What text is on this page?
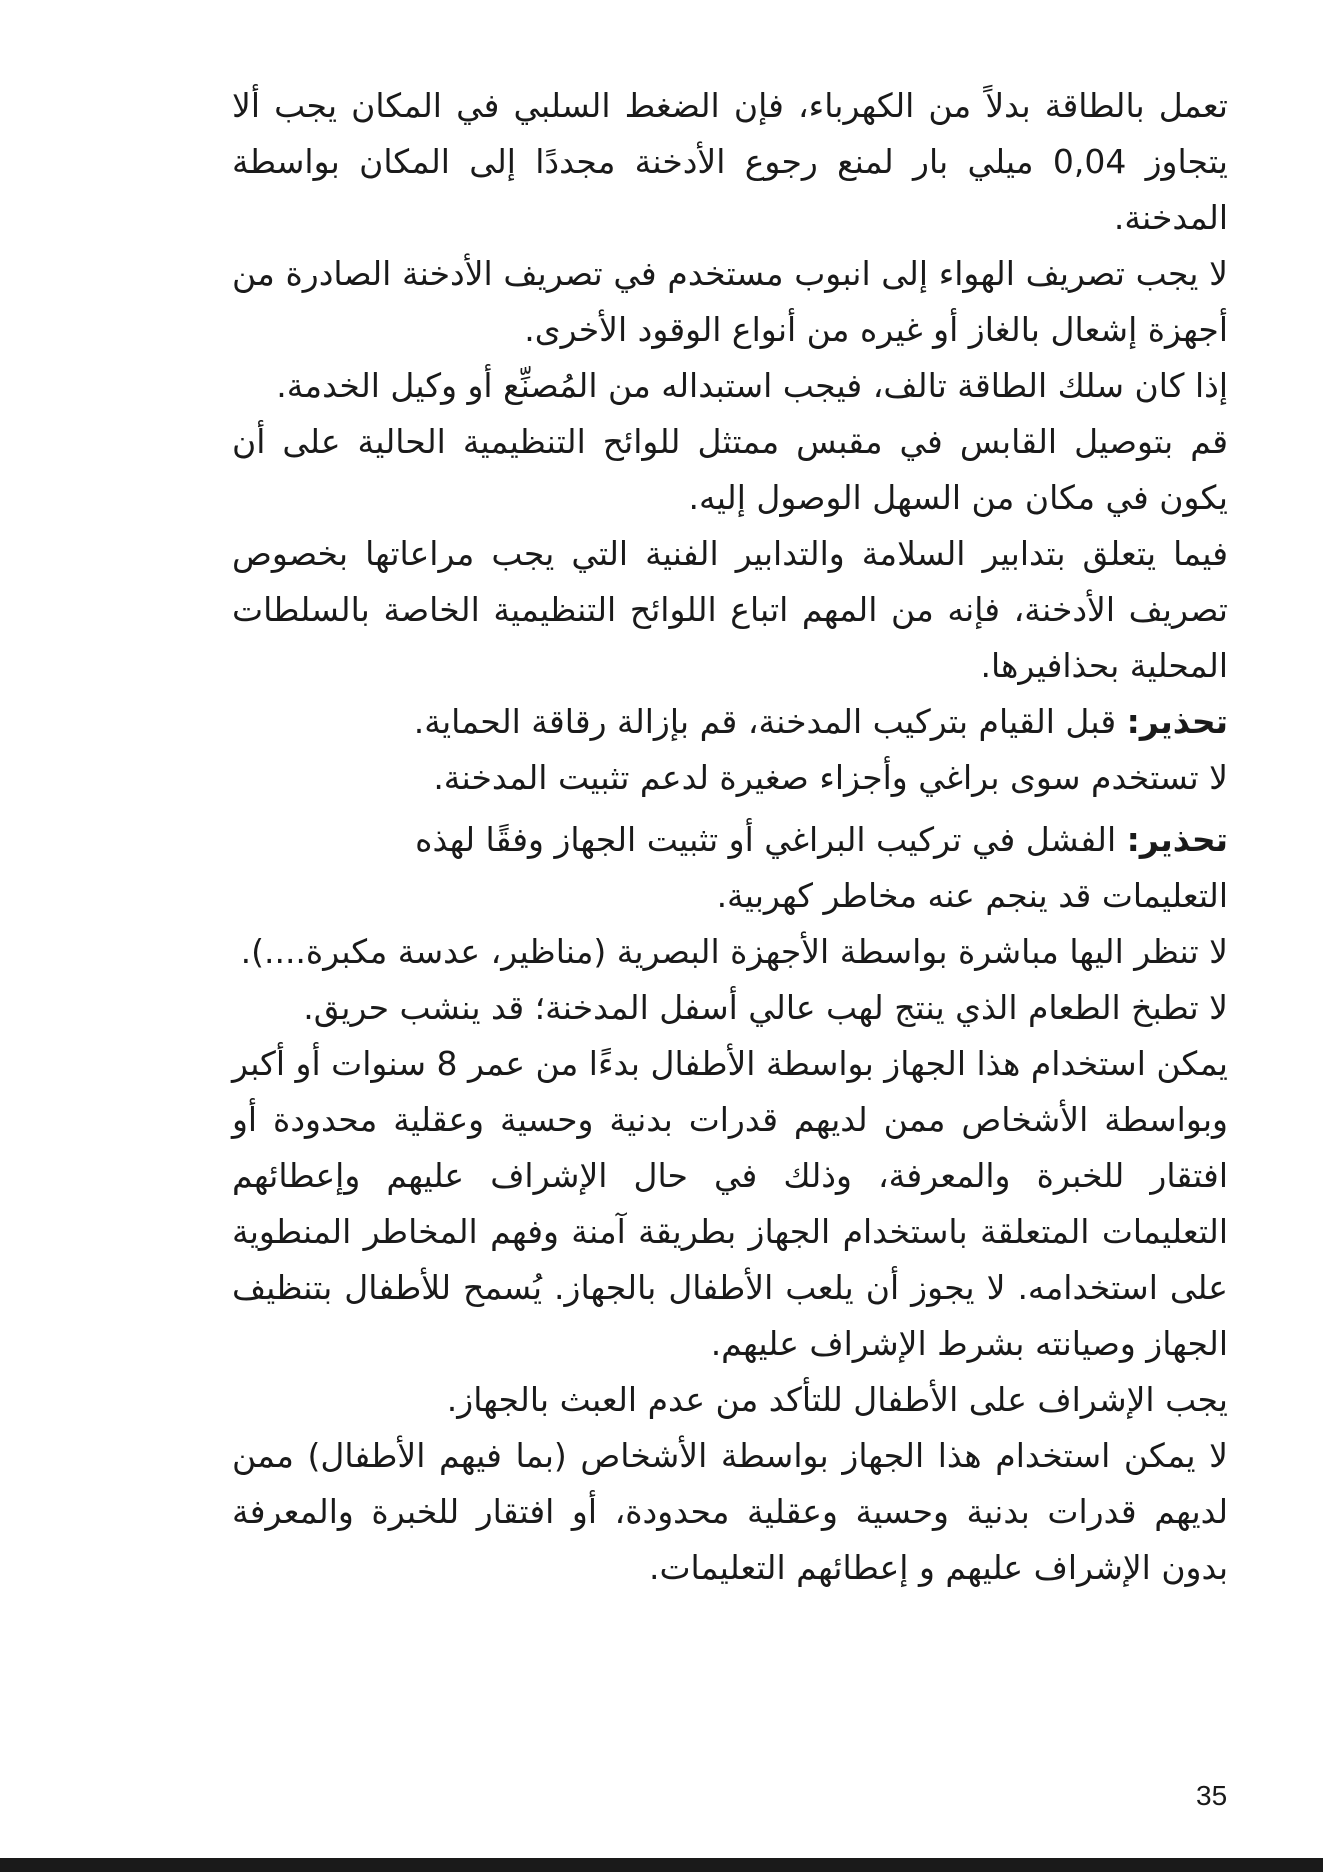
تعمل بالطاقة بدلاً من الكهرباء، فإن الضغط السلبي في المكان يجب ألا يتجاوز 0,04 ميلي بار لمنع رجوع الأدخنة مجددًا إلى المكان بواسطة المدخنة.

لا يجب تصريف الهواء إلى انبوب مستخدم في تصريف الأدخنة الصادرة من أجهزة إشعال بالغاز أو غيره من أنواع الوقود الأخرى.

إذا كان سلك الطاقة تالف، فيجب استبداله من المُصنِّع أو وكيل الخدمة.

قم بتوصيل القابس في مقبس ممتثل للوائح التنظيمية الحالية على أن يكون في مكان من السهل الوصول إليه.

فيما يتعلق بتدابير السلامة والتدابير الفنية التي يجب مراعاتها بخصوص تصريف الأدخنة، فإنه من المهم اتباع اللوائح التنظيمية الخاصة بالسلطات المحلية بحذافيرها.

تحذير: قبل القيام بتركيب المدخنة، قم بإزالة رقاقة الحماية.
لا تستخدم سوى براغي وأجزاء صغيرة لدعم تثبيت المدخنة.
تحذير: الفشل في تركيب البراغي أو تثبيت الجهاز وفقًا لهذه التعليمات قد ينجم عنه مخاطر كهربية.

لا تنظر اليها مباشرة بواسطة الأجهزة البصرية (مناظير، عدسة مكبرة....).

لا تطبخ الطعام الذي ينتج لهب عالي أسفل المدخنة؛ قد ينشب حريق.

يمكن استخدام هذا الجهاز بواسطة الأطفال بدءًا من عمر 8 سنوات أو أكبر وبواسطة الأشخاص ممن لديهم قدرات بدنية وحسية وعقلية محدودة أو افتقار للخبرة والمعرفة، وذلك في حال الإشراف عليهم وإعطائهم التعليمات المتعلقة باستخدام الجهاز بطريقة آمنة وفهم المخاطر المنطوية على استخدامه. لا يجوز أن يلعب الأطفال بالجهاز. يُسمح للأطفال بتنظيف الجهاز وصيانته بشرط الإشراف عليهم.

يجب الإشراف على الأطفال للتأكد من عدم العبث بالجهاز.

لا يمكن استخدام هذا الجهاز بواسطة الأشخاص (بما فيهم الأطفال) ممن لديهم قدرات بدنية وحسية وعقلية محدودة، أو افتقار للخبرة والمعرفة بدون الإشراف عليهم و إعطائهم التعليمات.

35
